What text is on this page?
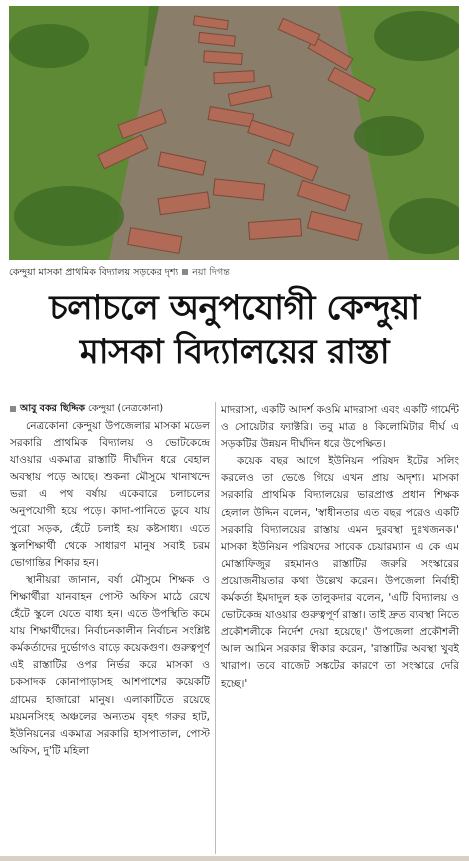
কেন্দুয়া মাসকা প্রাথমিক বিদ্যালয় সড়কের দৃশ্য নয়া দিগন্ত
চলাচলে অনুপযোগী কেন্দুয়া
মাসকা বিদ্যালয়ের রাস্তা
আবু বকর ছিদ্দিক কেন্দুয়া (নেত্রকোনা)

নেত্রকোনা কেন্দুয়া উপজেলার মাসকা মডেল সরকারি প্রাথমিক বিদ্যালয় ও ভোটকেন্দ্রে যাওয়ার একমাত্র রাস্তাটি দীর্ঘদিন ধরে বেহাল অবস্থায় পড়ে আছে। শুকনা মৌসুমে খানাখন্দে ভরা এ পথ বর্ষায় একেবারে চলাচলের অনুপযোগী হয়ে পড়ে। কাদা-পানিতে ডুবে যায় পুরো সড়ক, হেঁটে চলাই হয় কষ্টসাধ্য। এতে স্কুলশিক্ষার্থী থেকে সাধারণ মানুষ সবাই চরম ভোগান্তির শিকার হন।

স্থানীয়রা জানান, বর্ষা মৌসুমে শিক্ষক ও শিক্ষার্থীরা যানবাহন পোস্ট অফিস মাঠে রেখে হেঁটে স্কুলে যেতে বাধ্য হন। এতে উপস্থিতি কমে যায় শিক্ষার্থীদের। নির্বাচনকালীন নির্বাচন সংশ্লিষ্ট কর্মকর্তাদের দুর্ভোগও বাড়ে কয়েকগুণ। গুরুত্বপূর্ণ এই রাস্তাটির ওপর নির্ভর করে মাসকা ও চকসাদক কোনাপাড়াসহ আশপাশের কয়েকটি গ্রামের হাজারো মানুষ। এলাকাটিতে রয়েছে ময়মনসিংহ অঞ্চলের অন্যতম বৃহৎ গরুর হাট, ইউনিয়নের একমাত্র সরকারি হাসপাতাল, পোস্ট অফিস, দু'টি মহিলা

মাদরাসা, একটি আদর্শ কওমি মাদরাসা এবং একটি গার্মেন্ট ও সোয়েটার ফ্যাক্টরি। তবু মাত্র ৪ কিলোমিটার দীর্ঘ এ সড়কটির উন্নয়ন দীর্ঘদিন ধরে উপেক্ষিত।

কয়েক বছর আগে ইউনিয়ন পরিষদ ইটের সলিং করলেও তা ভেঙে গিয়ে এখন প্রায় অদৃশ্য। মাসকা সরকারি প্রাথমিক বিদ্যালয়ের ভারপ্রাপ্ত প্রধান শিক্ষক হেলাল উদ্দিন বলেন, 'স্বাধীনতার এত বছর পরেও একটি সরকারি বিদ্যালয়ের রাস্তায় এমন দুরবস্থা দুঃখজনক।' মাসকা ইউনিয়ন পরিষদের সাবেক চেয়ারম্যান এ কে এম মোস্তাফিজুর রহমানও রাস্তাটির জরুরি সংস্কারের প্রয়োজনীয়তার কথা উল্লেখ করেন। উপজেলা নির্বাহী কর্মকর্তা ইমদাদুল হক তালুকদার বলেন, 'এটি বিদ্যালয় ও ভোটকেন্দ্র যাওয়ার গুরুত্বপূর্ণ রাস্তা। তাই দ্রুত ব্যবস্থা নিতে প্রকৌশলীকে নির্দেশ দেয়া হয়েছে।' উপজেলা প্রকৌশলী আল আমিন সরকার স্বীকার করেন, 'রাস্তাটির অবস্থা খুবই খারাপ। তবে বাজেট সঙ্কটের কারণে তা সংস্কারে দেরি হচ্ছে।'
